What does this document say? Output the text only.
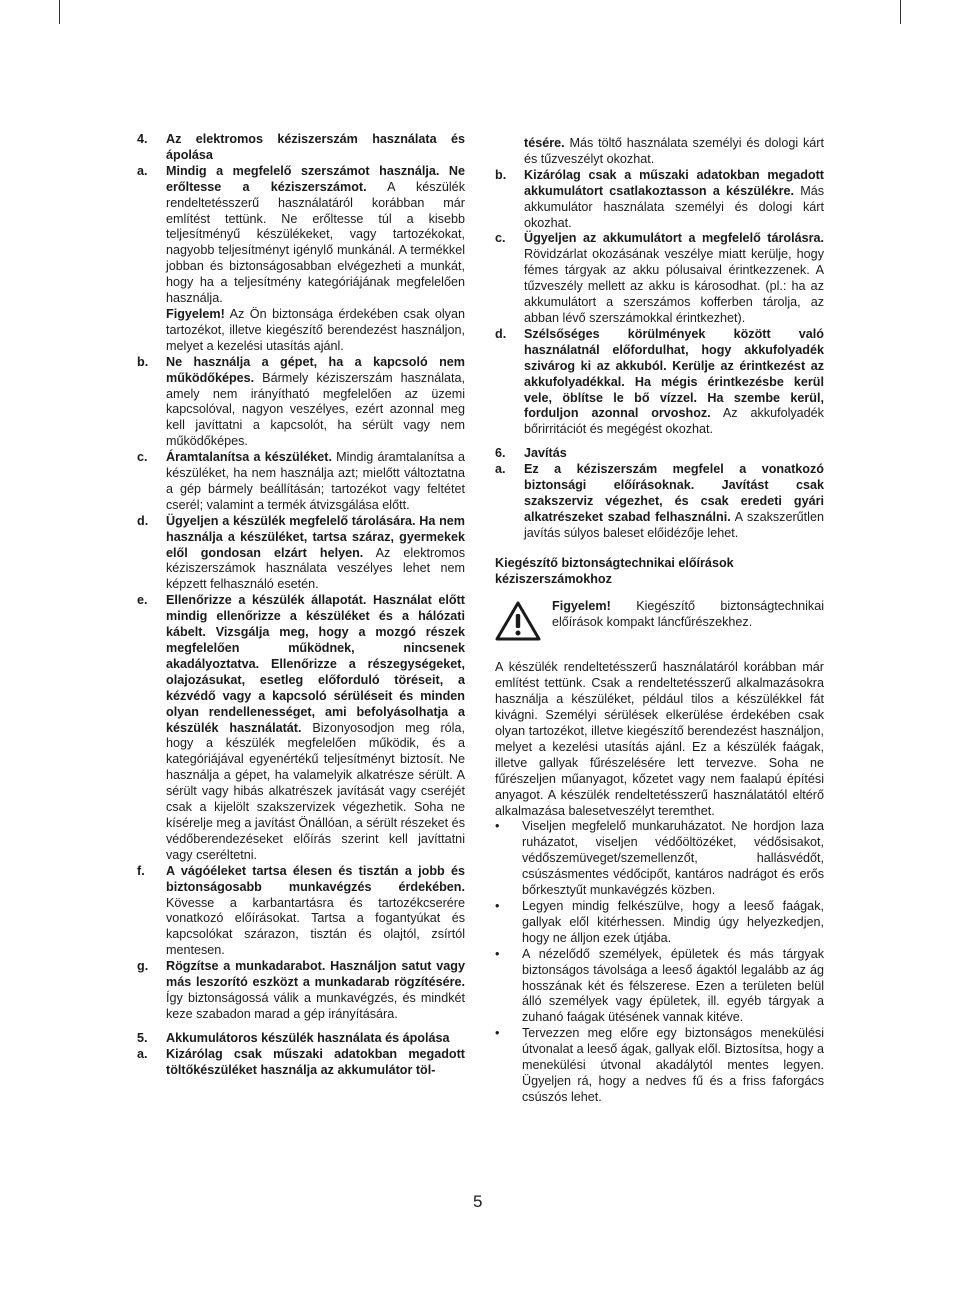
4.	Az elektromos kéziszerszám használata és ápolása
a.	Mindig a megfelelő szerszámot használja. Ne erőltesse a kéziszerszámot. A készülék rendeltetésszerű használatáról korábban már említést tettünk. Ne erőltesse túl a kisebb teljesítményű készülékeket, vagy tartozékokat, nagyobb teljesítményt igénylő munkánál. A termékkel jobban és biztonságosabban elvégezheti a munkát, hogy ha a teljesítmény kategóriájának megfelelően használja.
Figyelem! Az Ön biztonsága érdekében csak olyan tartozékot, illetve kiegészítő berendezést használjon, melyet a kezelési utasítás ajánl.
b.	Ne használja a gépet, ha a kapcsoló nem működőképes. Bármely kéziszerszám használata, amely nem irányítható megfelelően az üzemi kapcsolóval, nagyon veszélyes, ezért azonnal meg kell javíttatni a kapcsolót, ha sérült vagy nem működőképes.
c.	Áramtalanítsa a készüléket. Mindig áramtalanítsa a készüléket, ha nem használja azt; mielőtt változtatna a gép bármely beállításán; tartozékot vagy feltétet cserél; valamint a termék átvizsgálása előtt.
d.	Ügyeljen a készülék megfelelő tárolására. Ha nem használja a készüléket, tartsa száraz, gyermekek elől gondosan elzárt helyen. Az elektromos kéziszerszámok használata veszélyes lehet nem képzett felhasználó esetén.
e.	Ellenőrizze a készülék állapotát. Használat előtt mindig ellenőrizze a készüléket és a hálózati kábelt. Vizsgálja meg, hogy a mozgó részek megfelelően működnek, nincsenek akadályoztatva. Ellenőrizze a részegységeket, olajozásukat, esetleg előforduló töréseit, a kézvédő vagy a kapcsoló sérüléseit és minden olyan rendellenességet, ami befolyásolhatja a készülék használatát. Bizonyosodjon meg róla, hogy a készülék megfelelően működik, és a kategóriájával egyenértékű teljesítményt biztosít. Ne használja a gépet, ha valamelyik alkatrésze sérült. A sérült vagy hibás alkatrészek javítását vagy cseréjét csak a kijelölt szakszervizek végezhetik. Soha ne kísérelje meg a javítást Önállóan, a sérült részeket és védőberendezéseket előírás szerint kell javíttatni vagy cseréltetni.
f.	A vágóéleket tartsa élesen és tisztán a jobb és biztonságosabb munkavégzés érdekében. Kövesse a karbantartásra és tartozékcserére vonatkozó előírásokat. Tartsa a fogantyúkat és kapcsolókat szárazon, tisztán és olajtól, zsírtól mentesen.
g.	Rögzítse a munkadarabot. Használjon satut vagy más leszorító eszközt a munkadarab rögzítésére. Így biztonságossá válik a munkavégzés, és mindkét keze szabadon marad a gép irányítására.
5.	Akkumulátoros készülék használata és ápolása
a.	Kizárólag csak műszaki adatokban megadott töltőkészüléket használja az akkumulátor töl-
tésére. Más töltő használata személyi és dologi kárt és tűzveszélyt okozhat.
b.	Kizárólag csak a műszaki adatokban megadott akkumulátort csatlakoztasson a készülékre. Más akkumulátor használata személyi és dologi kárt okozhat.
c.	Ügyeljen az akkumulátort a megfelelő tárolásra. Rövidzárlat okozásának veszélye miatt kerülje, hogy fémes tárgyak az akku pólusaival érintkezzenek. A tűzveszély mellett az akku is károsodhat. (pl.: ha az akkumulátort a szerszámos kofferben tárolja, az abban lévő szerszámokkal érintkezhet).
d.	Szélsőséges körülmények között való használatnál előfordulhat, hogy akkufolyadék szivárog ki az akkuból. Kerülje az érintkezést az akkufolyadékkal. Ha mégis érintkezésbe kerül vele, öblítse le bő vízzel. Ha szembe kerül, forduljon azonnal orvoshoz. Az akkufolyadék bőrirritációt és megégést okozhat.
6.	Javítás
a.	Ez a kéziszerszám megfelel a vonatkozó biztonsági előírásoknak. Javítást csak szakszerviz végezhet, és csak eredeti gyári alkatrészeket szabad felhasználni. A szakszerűtlen javítás súlyos baleset előidézője lehet.
Kiegészítő biztonságtechnikai előírások kéziszerszámokhoz
Figyelem! Kiegészítő biztonságtechnikai előírások kompakt láncfűrészekhez.
A készülék rendeltetésszerű használatáról korábban már említést tettünk. Csak a rendeltetésszerű alkalmazásokra használja a készüléket, például tilos a készülékkel fát kivágni. Személyi sérülések elkerülése érdekében csak olyan tartozékot, illetve kiegészítő berendezést használjon, melyet a kezelési utasítás ajánl. Ez a készülék faágak, illetve gallyak fűrészelésére lett tervezve. Soha ne fűrészeljen műanyagot, kőzetet vagy nem faalapú építési anyagot. A készülék rendeltetésszerű használatától eltérő alkalmazása balesetveszélyt teremthet.
•	Viseljen megfelelő munkaruházatot. Ne hordjon laza ruházatot, viseljen védőöltözéket, védősisakot, védőszemüveget/szemellenzőt, hallásvédőt, csúszásmentes védőcipőt, kantáros nadrágot és erős bőrkesztyűt munkavégzés közben.
•	Legyen mindig felkészülve, hogy a leeső faágak, gallyak elől kitérhessen. Mindig úgy helyezkedjen, hogy ne álljon ezek útjába.
•	A nézelődő személyek, épületek és más tárgyak biztonságos távolsága a leeső ágaktól legalább az ág hosszának két és félszerese. Ezen a területen belül álló személyek vagy épületek, ill. egyéb tárgyak a zuhanó faágak ütésének vannak kitéve.
•	Tervezzen meg előre egy biztonságos menekülési útvonalat a leeső ágak, gallyak elől. Biztosítsa, hogy a menekülési útvonal akadálytól mentes legyen. Ügyeljen rá, hogy a nedves fű és a friss faforgács csúszós lehet.
5
